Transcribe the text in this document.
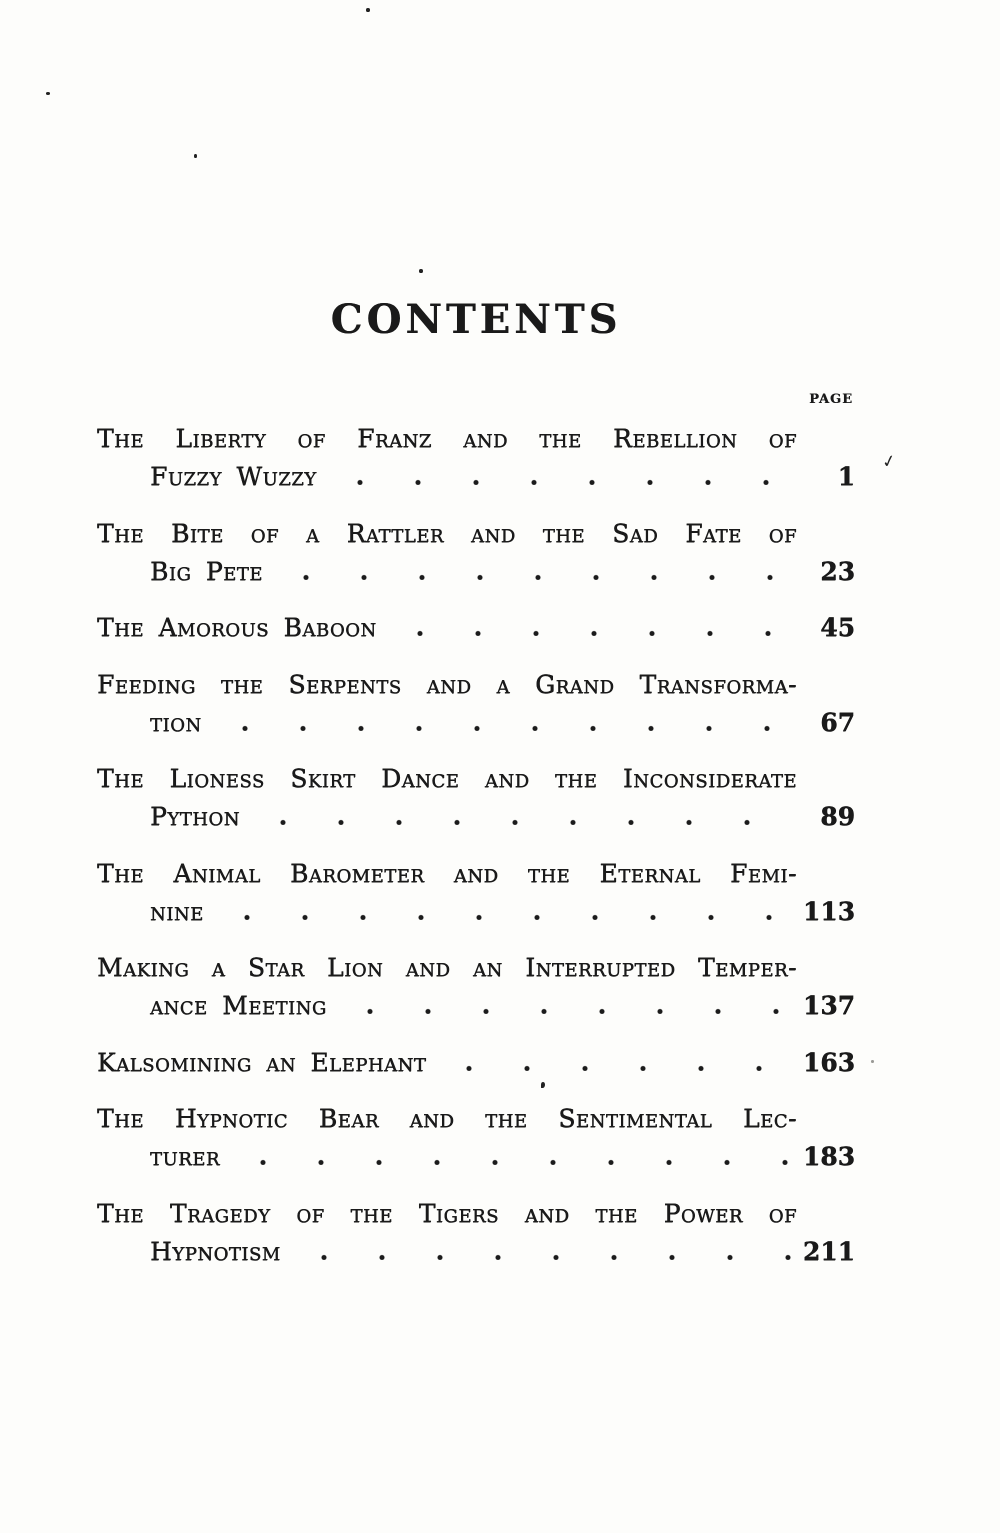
✓
CONTENTS
PAGE
The Liberty of Franz and the Rebellion of
Fuzzy Wuzzy	1
The Bite of a Rattler and the Sad Fate of
Big Pete	23
The Amorous Baboon	45
Feeding the Serpents and a Grand Transforma-
tion	67
The Lioness Skirt Dance and the Inconsiderate
Python	89
The Animal Barometer and the Eternal Femi-
nine	113
Making a Star Lion and an Interrupted Temper-
ance Meeting	137
Kalsomining an Elephant	163
The Hypnotic Bear and the Sentimental Lec-
turer	183
The Tragedy of the Tigers and the Power of
Hypnotism	211
